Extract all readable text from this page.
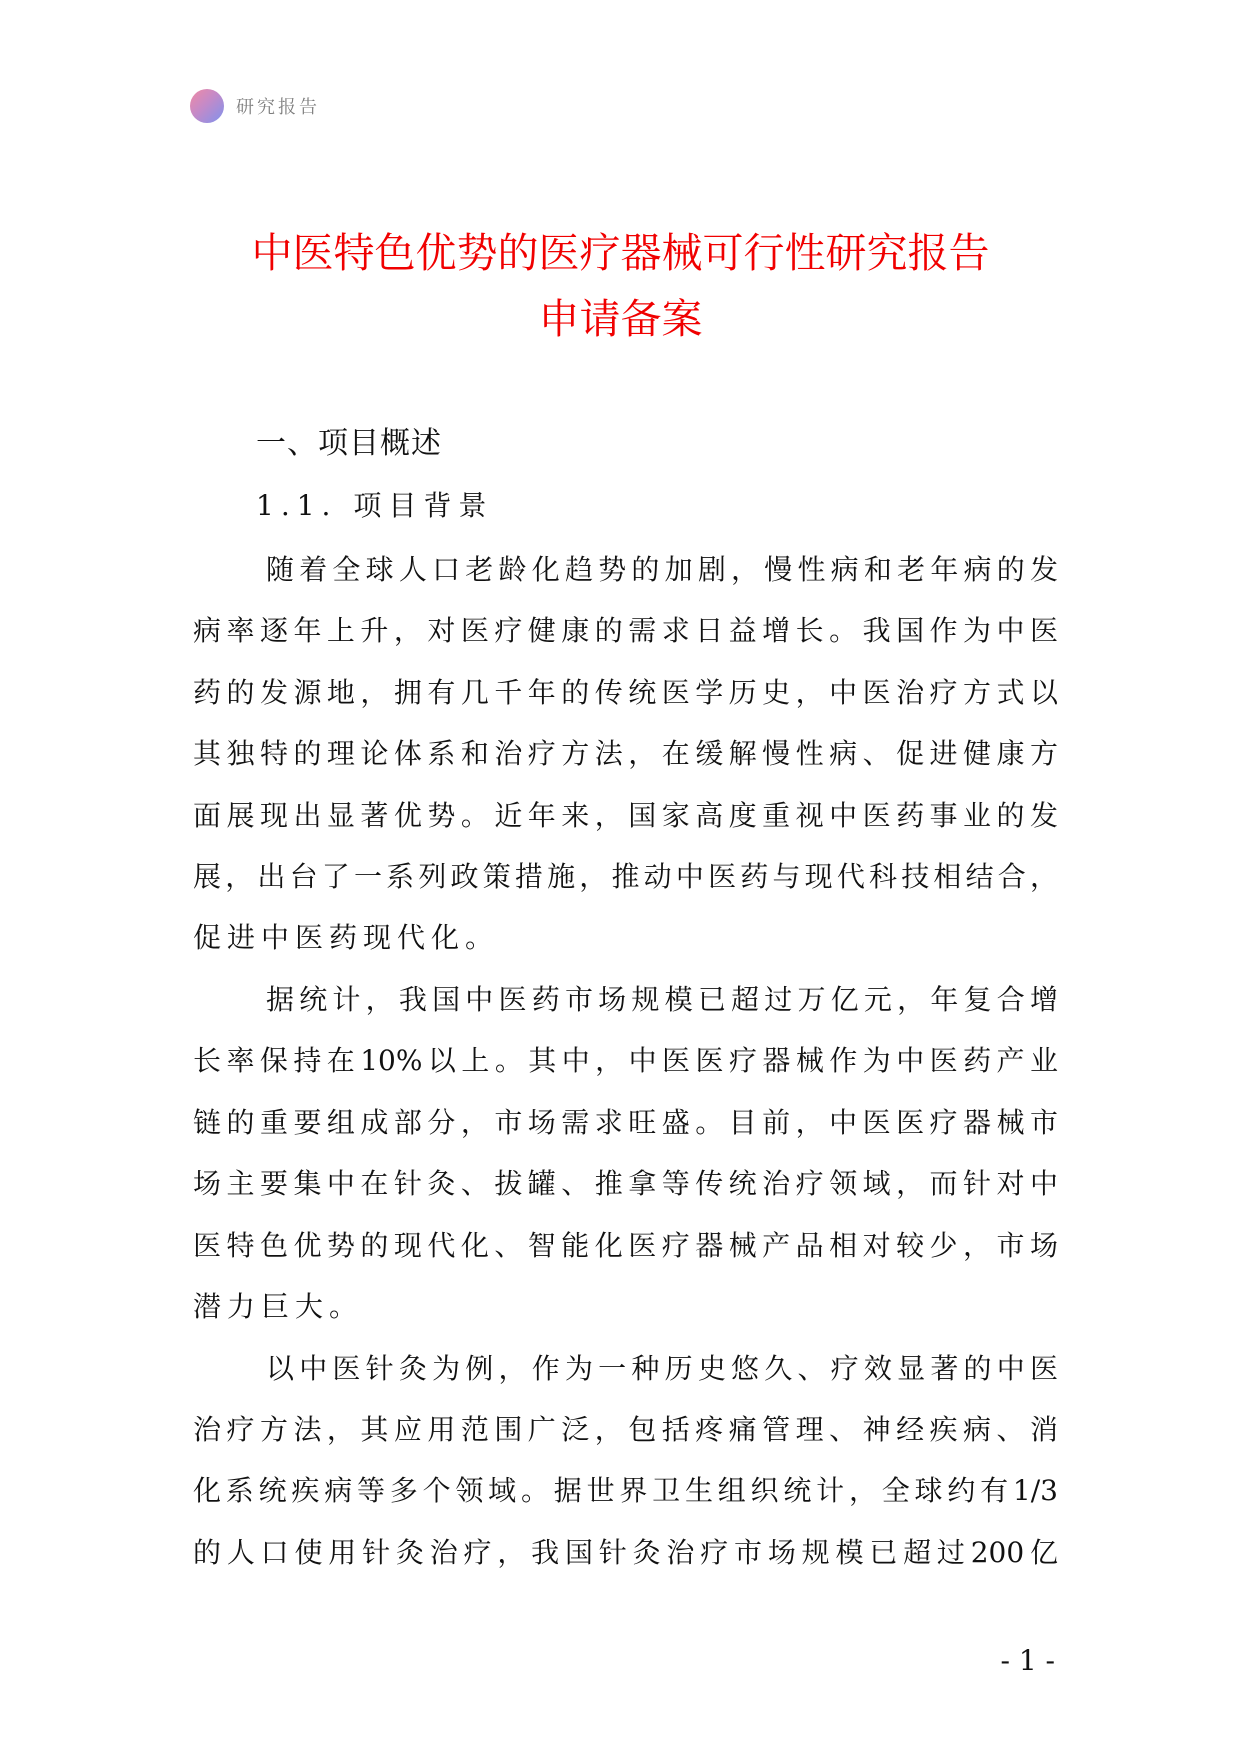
研究报告
中医特色优势的医疗器械可行性研究报告
申请备案
一、项目概述
1.1. 项目背景
随着全球人口老龄化趋势的加剧，慢性病和老年病的发
病率逐年上升，对医疗健康的需求日益增长。我国作为中医
药的发源地，拥有几千年的传统医学历史，中医治疗方式以
其独特的理论体系和治疗方法，在缓解慢性病、促进健康方
面展现出显著优势。近年来，国家高度重视中医药事业的发
展，出台了一系列政策措施，推动中医药与现代科技相结合，
促进中医药现代化。
据统计，我国中医药市场规模已超过万亿元，年复合增
长率保持在10%以上。其中，中医医疗器械作为中医药产业
链的重要组成部分，市场需求旺盛。目前，中医医疗器械市
场主要集中在针灸、拔罐、推拿等传统治疗领域，而针对中
医特色优势的现代化、智能化医疗器械产品相对较少，市场
潜力巨大。
以中医针灸为例，作为一种历史悠久、疗效显著的中医
治疗方法，其应用范围广泛，包括疼痛管理、神经疾病、消
化系统疾病等多个领域。据世界卫生组织统计，全球约有1/3
的人口使用针灸治疗，我国针灸治疗市场规模已超过200亿
- 1 -
